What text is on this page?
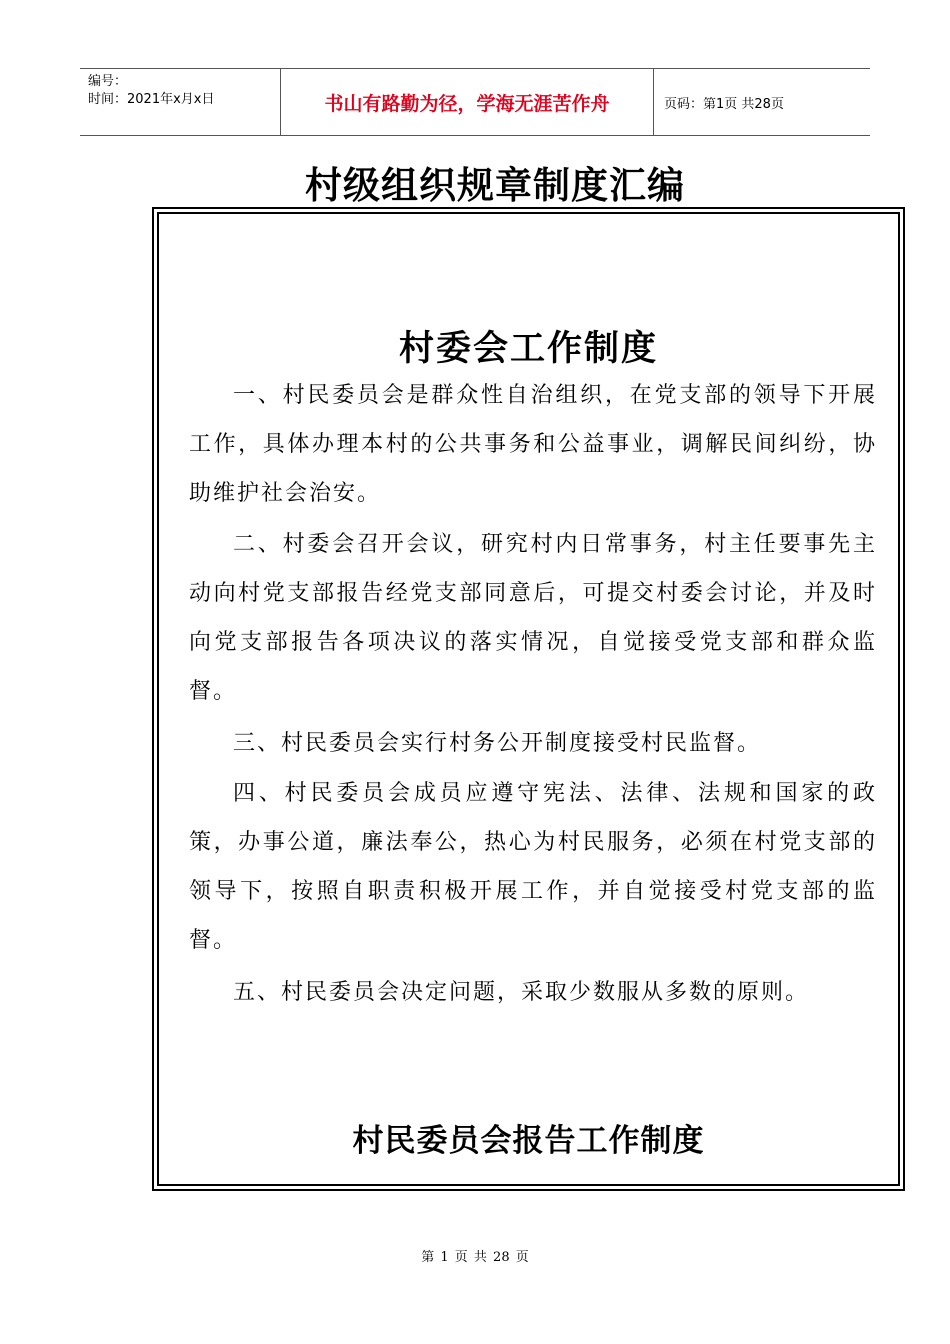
编号：
时间：2021年x月x日	书山有路勤为径，学海无涯苦作舟	页码：第1页 共28页
村级组织规章制度汇编
村委会工作制度

一、村民委员会是群众性自治组织，在党支部的领导下开展工作，具体办理本村的公共事务和公益事业，调解民间纠纷，协助维护社会治安。

二、村委会召开会议，研究村内日常事务，村主任要事先主动向村党支部报告经党支部同意后，可提交村委会讨论，并及时向党支部报告各项决议的落实情况，自觉接受党支部和群众监督。

三、村民委员会实行村务公开制度接受村民监督。

四、村民委员会成员应遵守宪法、法律、法规和国家的政策，办事公道，廉法奉公，热心为村民服务，必须在村党支部的领导下，按照自职责积极开展工作，并自觉接受村党支部的监督。

五、村民委员会决定问题，采取少数服从多数的原则。

村民委员会报告工作制度
第 1 页 共 28 页
